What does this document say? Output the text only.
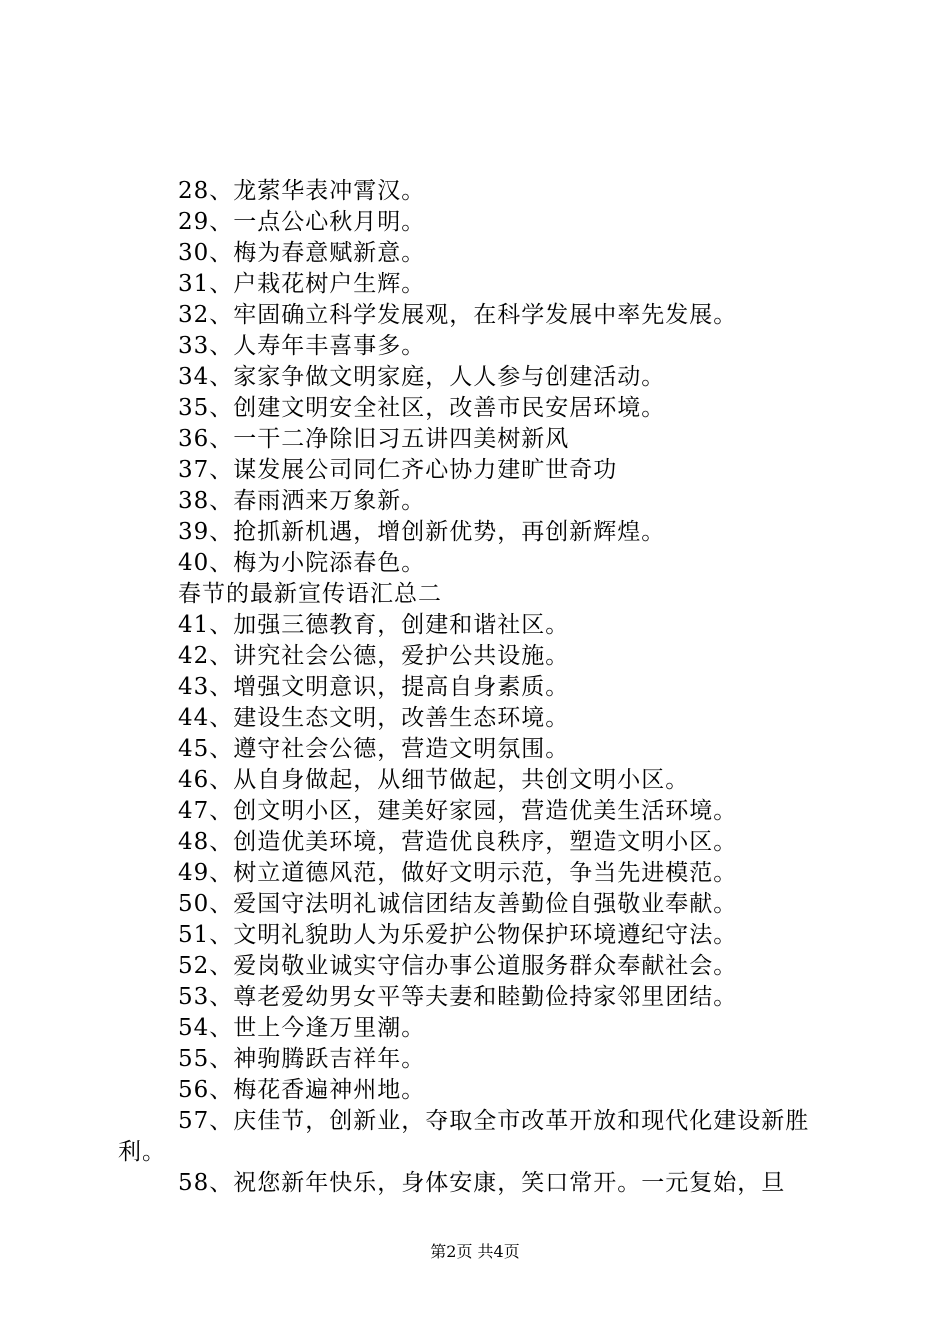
28、龙萦华表冲霄汉。
29、一点公心秋月明。
30、梅为春意赋新意。
31、户栽花树户生辉。
32、牢固确立科学发展观，在科学发展中率先发展。
33、人寿年丰喜事多。
34、家家争做文明家庭，人人参与创建活动。
35、创建文明安全社区，改善市民安居环境。
36、一干二净除旧习五讲四美树新风
37、谋发展公司同仁齐心协力建旷世奇功
38、春雨洒来万象新。
39、抢抓新机遇，增创新优势，再创新辉煌。
40、梅为小院添春色。
春节的最新宣传语汇总二
41、加强三德教育，创建和谐社区。
42、讲究社会公德，爱护公共设施。
43、增强文明意识，提高自身素质。
44、建设生态文明，改善生态环境。
45、遵守社会公德，营造文明氛围。
46、从自身做起，从细节做起，共创文明小区。
47、创文明小区，建美好家园，营造优美生活环境。
48、创造优美环境，营造优良秩序，塑造文明小区。
49、树立道德风范，做好文明示范，争当先进模范。
50、爱国守法明礼诚信团结友善勤俭自强敬业奉献。
51、文明礼貌助人为乐爱护公物保护环境遵纪守法。
52、爱岗敬业诚实守信办事公道服务群众奉献社会。
53、尊老爱幼男女平等夫妻和睦勤俭持家邻里团结。
54、世上今逢万里潮。
55、神驹腾跃吉祥年。
56、梅花香遍神州地。
57、庆佳节，创新业，夺取全市改革开放和现代化建设新胜利。
58、祝您新年快乐，身体安康，笑口常开。一元复始，旦
第2页 共4页
